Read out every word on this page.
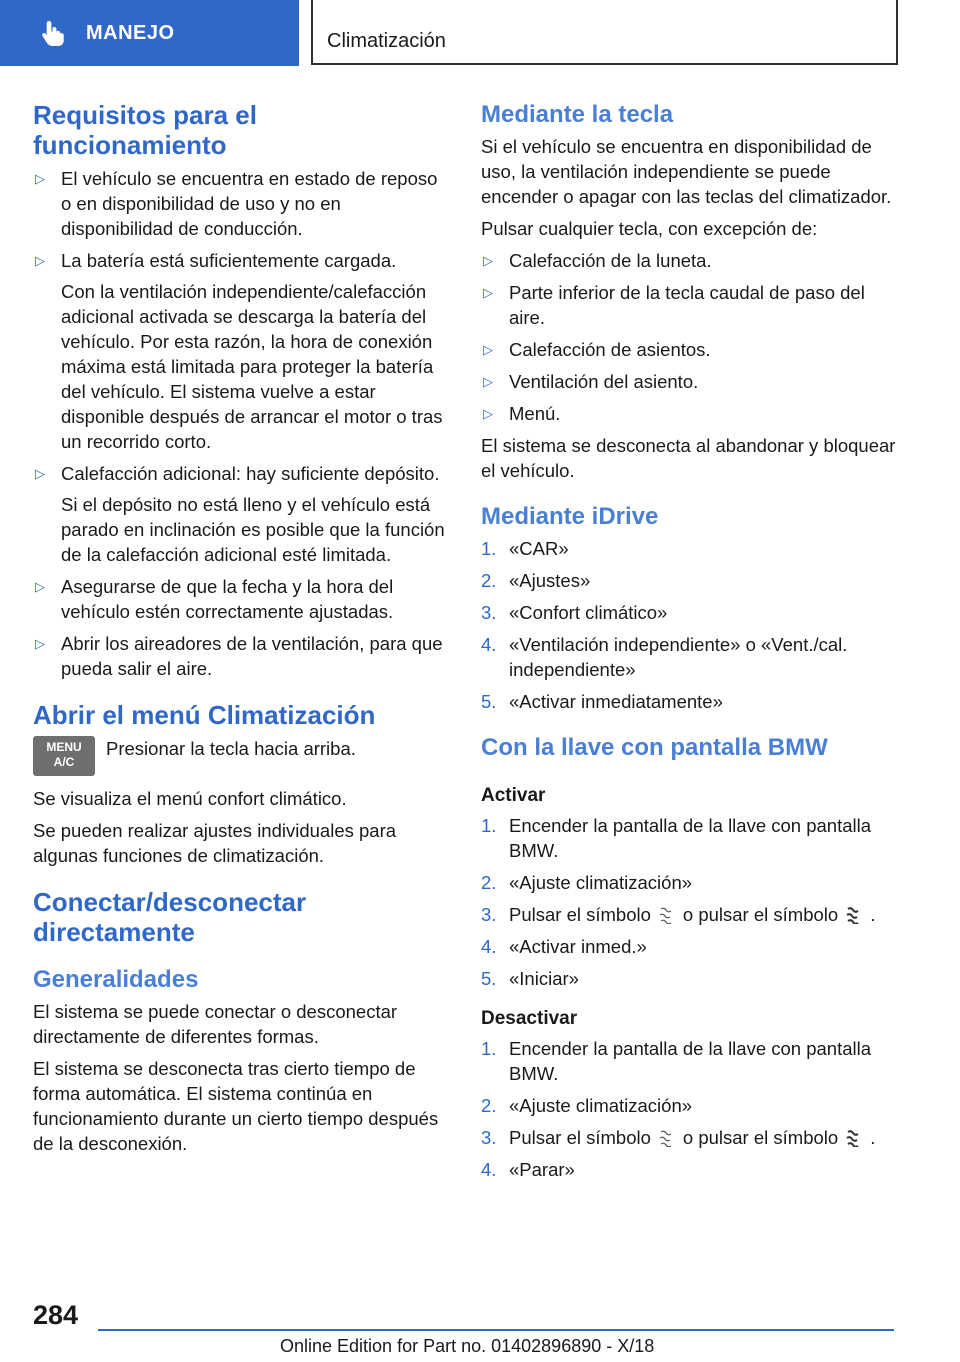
MANEJO	Climatización
Requisitos para el funcionamiento
▷ El vehículo se encuentra en estado de reposo o en disponibilidad de uso y no en disponibilidad de conducción.
▷ La batería está suficientemente cargada.
Con la ventilación independiente/calefacción adicional activada se descarga la batería del vehículo. Por esta razón, la hora de conexión máxima está limitada para proteger la batería del vehículo. El sistema vuelve a estar disponible después de arrancar el motor o tras un recorrido corto.
▷ Calefacción adicional: hay suficiente depósito.
Si el depósito no está lleno y el vehículo está parado en inclinación es posible que la función de la calefacción adicional esté limitada.
▷ Asegurarse de que la fecha y la hora del vehículo estén correctamente ajustadas.
▷ Abrir los aireadores de la ventilación, para que pueda salir el aire.
Abrir el menú Climatización
MENU
A/C

Presionar la tecla hacia arriba.

Se visualiza el menú confort climático.

Se pueden realizar ajustes individuales para algunas funciones de climatización.

Conectar/desconectar directamente
Generalidades

El sistema se puede conectar o desconectar directamente de diferentes formas.

El sistema se desconecta tras cierto tiempo de forma automática. El sistema continúa en funcionamiento durante un cierto tiempo después de la desconexión.

Mediante la tecla

Si el vehículo se encuentra en disponibilidad de uso, la ventilación independiente se puede encender o apagar con las teclas del climatizador.

Pulsar cualquier tecla, con excepción de:

▷ Calefacción de la luneta.
▷ Parte inferior de la tecla caudal de paso del aire.
▷ Calefacción de asientos.
▷ Ventilación del asiento.
▷ Menú.

El sistema se desconecta al abandonar y bloquear el vehículo.

Mediante iDrive
1. «CAR»
2. «Ajustes»
3. «Confort climático»
4. «Ventilación independiente» o «Vent./cal. independiente»
5. «Activar inmediatamente»
Con la llave con pantalla BMW
Activar
1. Encender la pantalla de la llave con pantalla BMW.
2. «Ajuste climatización»
3. Pulsar el símbolo o pulsar el símbolo .
4. «Activar inmed.»
5. «Iniciar»
Desactivar
1. Encender la pantalla de la llave con pantalla BMW.
2. «Ajuste climatización»
3. Pulsar el símbolo o pulsar el símbolo .
4. «Parar»
284
Online Edition for Part no. 01402896890 - X/18
